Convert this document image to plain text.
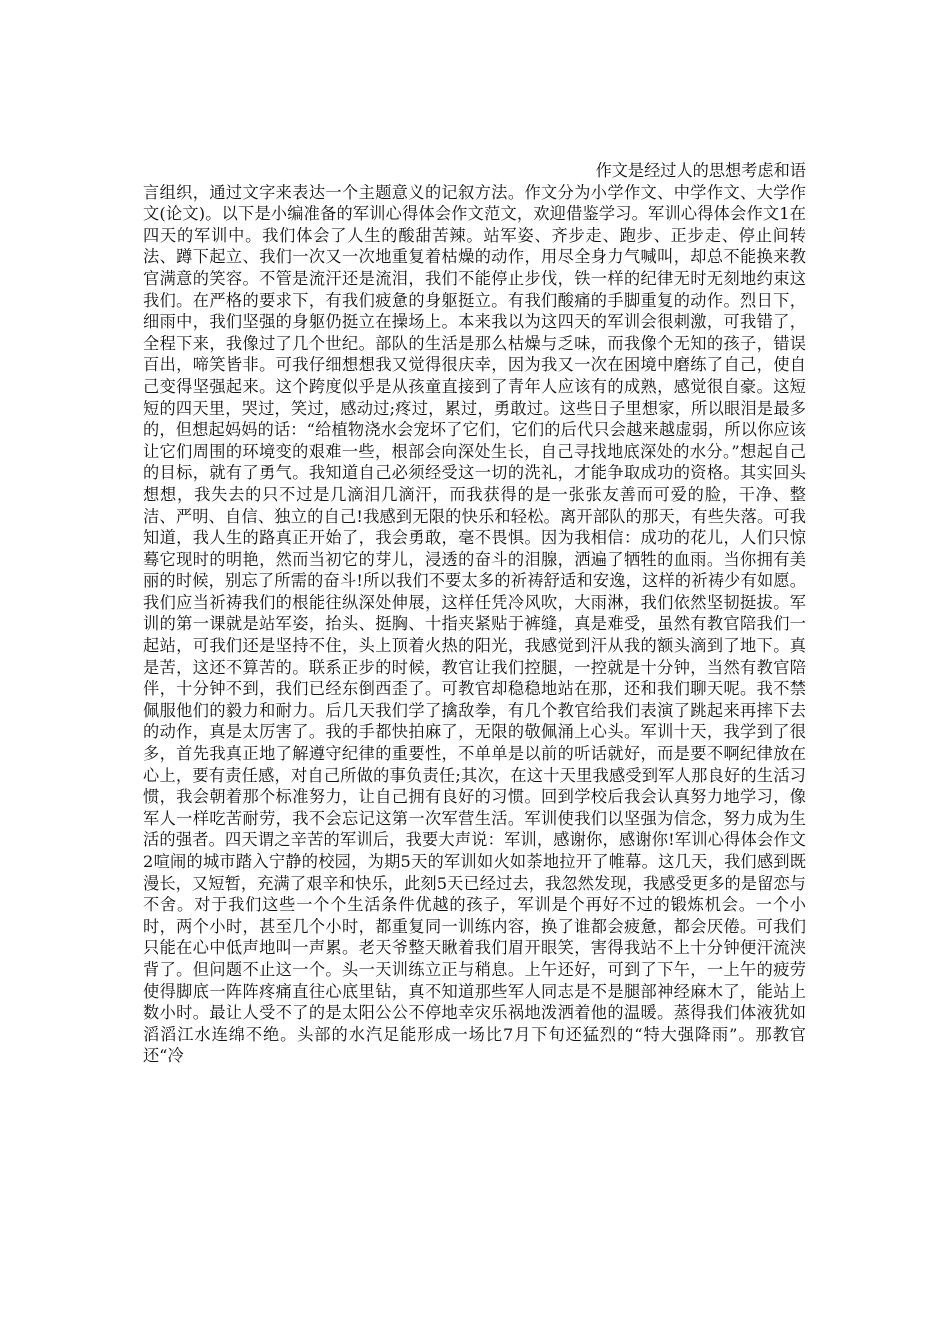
作文是经过人的思想考虑和语
言组织，通过文字来表达一个主题意义的记叙方法。作文分为小学作文、中学作文、大学作文(论文)。以下是小编准备的军训心得体会作文范文，欢迎借鉴学习。军训心得体会作文1在四天的军训中。我们体会了人生的酸甜苦辣。站军姿、齐步走、跑步、正步走、停止间转法、蹲下起立、我们一次又一次地重复着枯燥的动作，用尽全身力气喊叫，却总不能换来教官满意的笑容。不管是流汗还是流泪，我们不能停止步伐，铁一样的纪律无时无刻地约束这我们。在严格的要求下，有我们疲惫的身躯挺立。有我们酸痛的手脚重复的动作。烈日下，细雨中，我们坚强的身躯仍挺立在操场上。本来我以为这四天的军训会很刺激，可我错了，全程下来，我像过了几个世纪。部队的生活是那么枯燥与乏味，而我像个无知的孩子，错误百出，啼笑皆非。可我仔细想想我又觉得很庆幸，因为我又一次在困境中磨练了自己，使自己变得坚强起来。这个跨度似乎是从孩童直接到了青年人应该有的成熟，感觉很自豪。这短短的四天里，哭过，笑过，感动过;疼过，累过，勇敢过。这些日子里想家，所以眼泪是最多的，但想起妈妈的话：“给植物浇水会宠坏了它们，它们的后代只会越来越虚弱，所以你应该让它们周围的环境变的艰难一些，根部会向深处生长，自己寻找地底深处的水分。”想起自己的目标，就有了勇气。我知道自己必须经受这一切的洗礼，才能争取成功的资格。其实回头想想，我失去的只不过是几滴泪几滴汗，而我获得的是一张张友善而可爱的脸，干净、整洁、严明、自信、独立的自己!我感到无限的快乐和轻松。离开部队的那天，有些失落。可我知道，我人生的路真正开始了，我会勇敢，毫不畏惧。因为我相信：成功的花儿，人们只惊蓦它现时的明艳，然而当初它的芽儿，浸透的奋斗的泪腺，洒遍了牺牲的血雨。当你拥有美丽的时候，别忘了所需的奋斗!所以我们不要太多的祈祷舒适和安逸，这样的祈祷少有如愿。我们应当祈祷我们的根能往纵深处伸展，这样任凭冷风吹，大雨淋，我们依然坚韧挺拔。军训的第一课就是站军姿，抬头、挺胸、十指夹紧贴于裤缝，真是难受，虽然有教官陪我们一起站，可我们还是坚持不住，头上顶着火热的阳光，我感觉到汗从我的额头滴到了地下。真是苦，这还不算苦的。联系正步的时候，教官让我们控腿，一控就是十分钟，当然有教官陪伴，十分钟不到，我们已经东倒西歪了。可教官却稳稳地站在那，还和我们聊天呢。我不禁佩服他们的毅力和耐力。后几天我们学了擒敌拳，有几个教官给我们表演了跳起来再摔下去的动作，真是太厉害了。我的手都快拍麻了，无限的敬佩涌上心头。军训十天，我学到了很多，首先我真正地了解遵守纪律的重要性，不单单是以前的听话就好，而是要不啊纪律放在心上，要有责任感，对自己所做的事负责任;其次，在这十天里我感受到军人那良好的生活习惯，我会朝着那个标准努力，让自己拥有良好的习惯。回到学校后我会认真努力地学习，像军人一样吃苦耐劳，我不会忘记这第一次军营生活。军训使我们以坚强为信念，努力成为生活的强者。四天谓之辛苦的军训后，我要大声说：军训，感谢你，感谢你!军训心得体会作文2喧闹的城市踏入宁静的校园，为期5天的军训如火如荼地拉开了帷幕。这几天，我们感到既漫长，又短暂，充满了艰辛和快乐，此刻5天已经过去，我忽然发现，我感受更多的是留恋与不舍。对于我们这些一个个生活条件优越的孩子，军训是个再好不过的锻炼机会。一个小时，两个小时，甚至几个小时，都重复同一训练内容，换了谁都会疲惫，都会厌倦。可我们只能在心中低声地叫一声累。老天爷整天瞅着我们眉开眼笑，害得我站不上十分钟便汗流浃背了。但问题不止这一个。头一天训练立正与稍息。上午还好，可到了下午，一上午的疲劳使得脚底一阵阵疼痛直往心底里钻，真不知道那些军人同志是不是腿部神经麻木了，能站上数小时。最让人受不了的是太阳公公不停地幸灾乐祸地泼洒着他的温暖。蒸得我们体液犹如滔滔江水连绵不绝。头部的水汽足能形成一场比7月下旬还猛烈的“特大强降雨”。那教官还“冷
